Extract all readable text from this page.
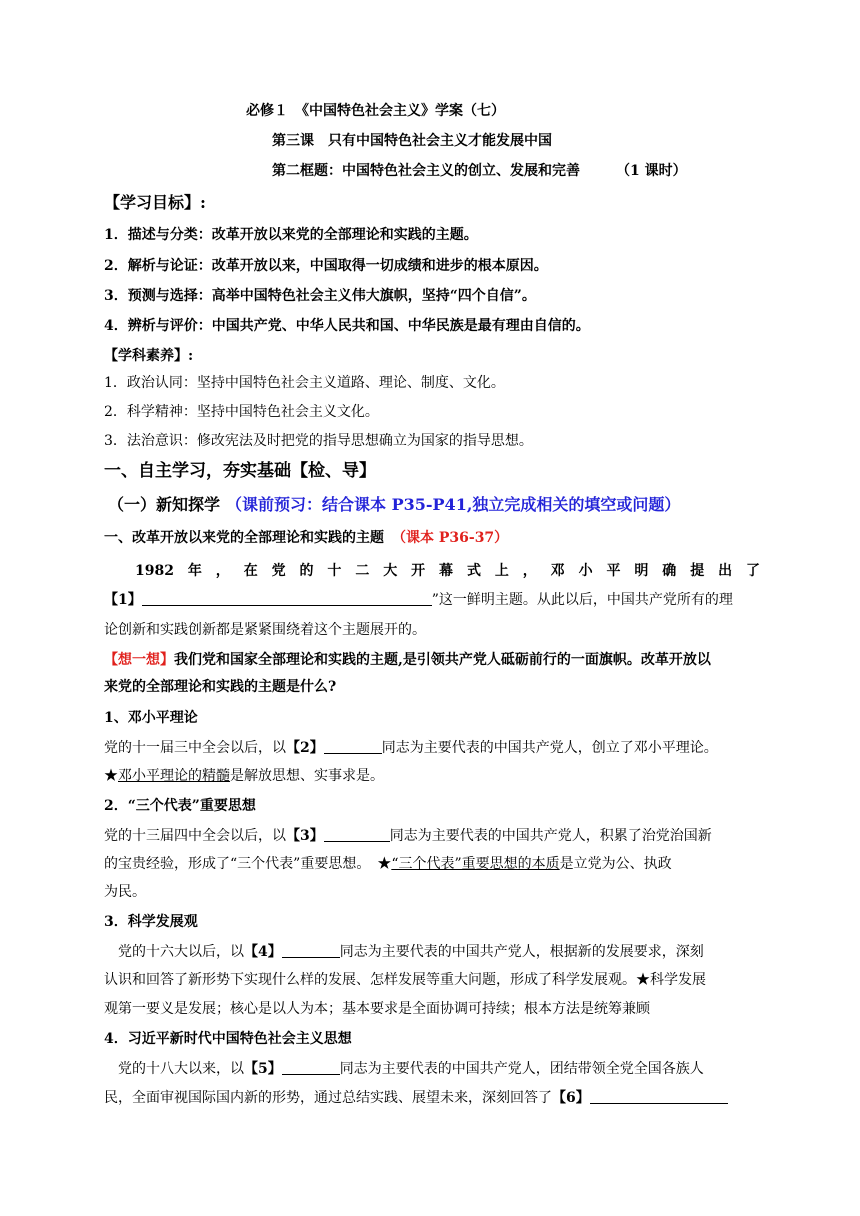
必修１　《中国特色社会主义》学案（七）
第三课　只有中国特色社会主义才能发展中国
第二框题：中国特色社会主义的创立、发展和完善	（1 课时）
【学习目标】:
1．描述与分类：改革开放以来党的全部理论和实践的主题。
2．解析与论证：改革开放以来，中国取得一切成绩和进步的根本原因。
3．预测与选择：高举中国特色社会主义伟大旗帜，坚持“四个自信”。
4．辨析与评价：中国共产党、中华人民共和国、中华民族是最有理由自信的。
【学科素养】:
1．政治认同：坚持中国特色社会主义道路、理论、制度、文化。
2．科学精神：坚持中国特色社会主义文化。
3．法治意识：修改宪法及时把党的指导思想确立为国家的指导思想。
一、自主学习，夯实基础【检、导】
（一）新知探学 （课前预习：结合课本 P35-P41,独立完成相关的填空或问题）
一、改革开放以来党的全部理论和实践的主题 （课本 P36-37）
1982 年 ， 在 党 的 十 二 大 开 幕 式 上 ， 邓 小 平 明 确 提 出 了
【1】	”这一鲜明主题。从此以后，中国共产党所有的理
论创新和实践创新都是紧紧围绕着这个主题展开的。
【想一想】我们党和国家全部理论和实践的主题,是引领共产党人砥砺前行的一面旗帜。改革开放以
来党的全部理论和实践的主题是什么?
1、邓小平理论
党的十一届三中全会以后，以【2】	同志为主要代表的中国共产党人，创立了邓小平理论。
★邓小平理论的精髓是解放思想、实事求是。
2．“三个代表”重要思想
党的十三届四中全会以后，以【3】	同志为主要代表的中国共产党人，积累了治党治国新
的宝贵经验，形成了“三个代表”重要思想。　★“三个代表”重要思想的本质是立党为公、执政
为民。
3．科学发展观
党的十六大以后，以【4】	同志为主要代表的中国共产党人，根据新的发展要求，深刻
认识和回答了新形势下实现什么样的发展、怎样发展等重大问题，形成了科学发展观。★科学发展
观第一要义是发展；核心是以人为本；基本要求是全面协调可持续；根本方法是统筹兼顾
4．习近平新时代中国特色社会主义思想
党的十八大以来，以【5】	同志为主要代表的中国共产党人，团结带领全党全国各族人
民，全面审视国际国内新的形势，通过总结实践、展望未来，深刻回答了【6】
